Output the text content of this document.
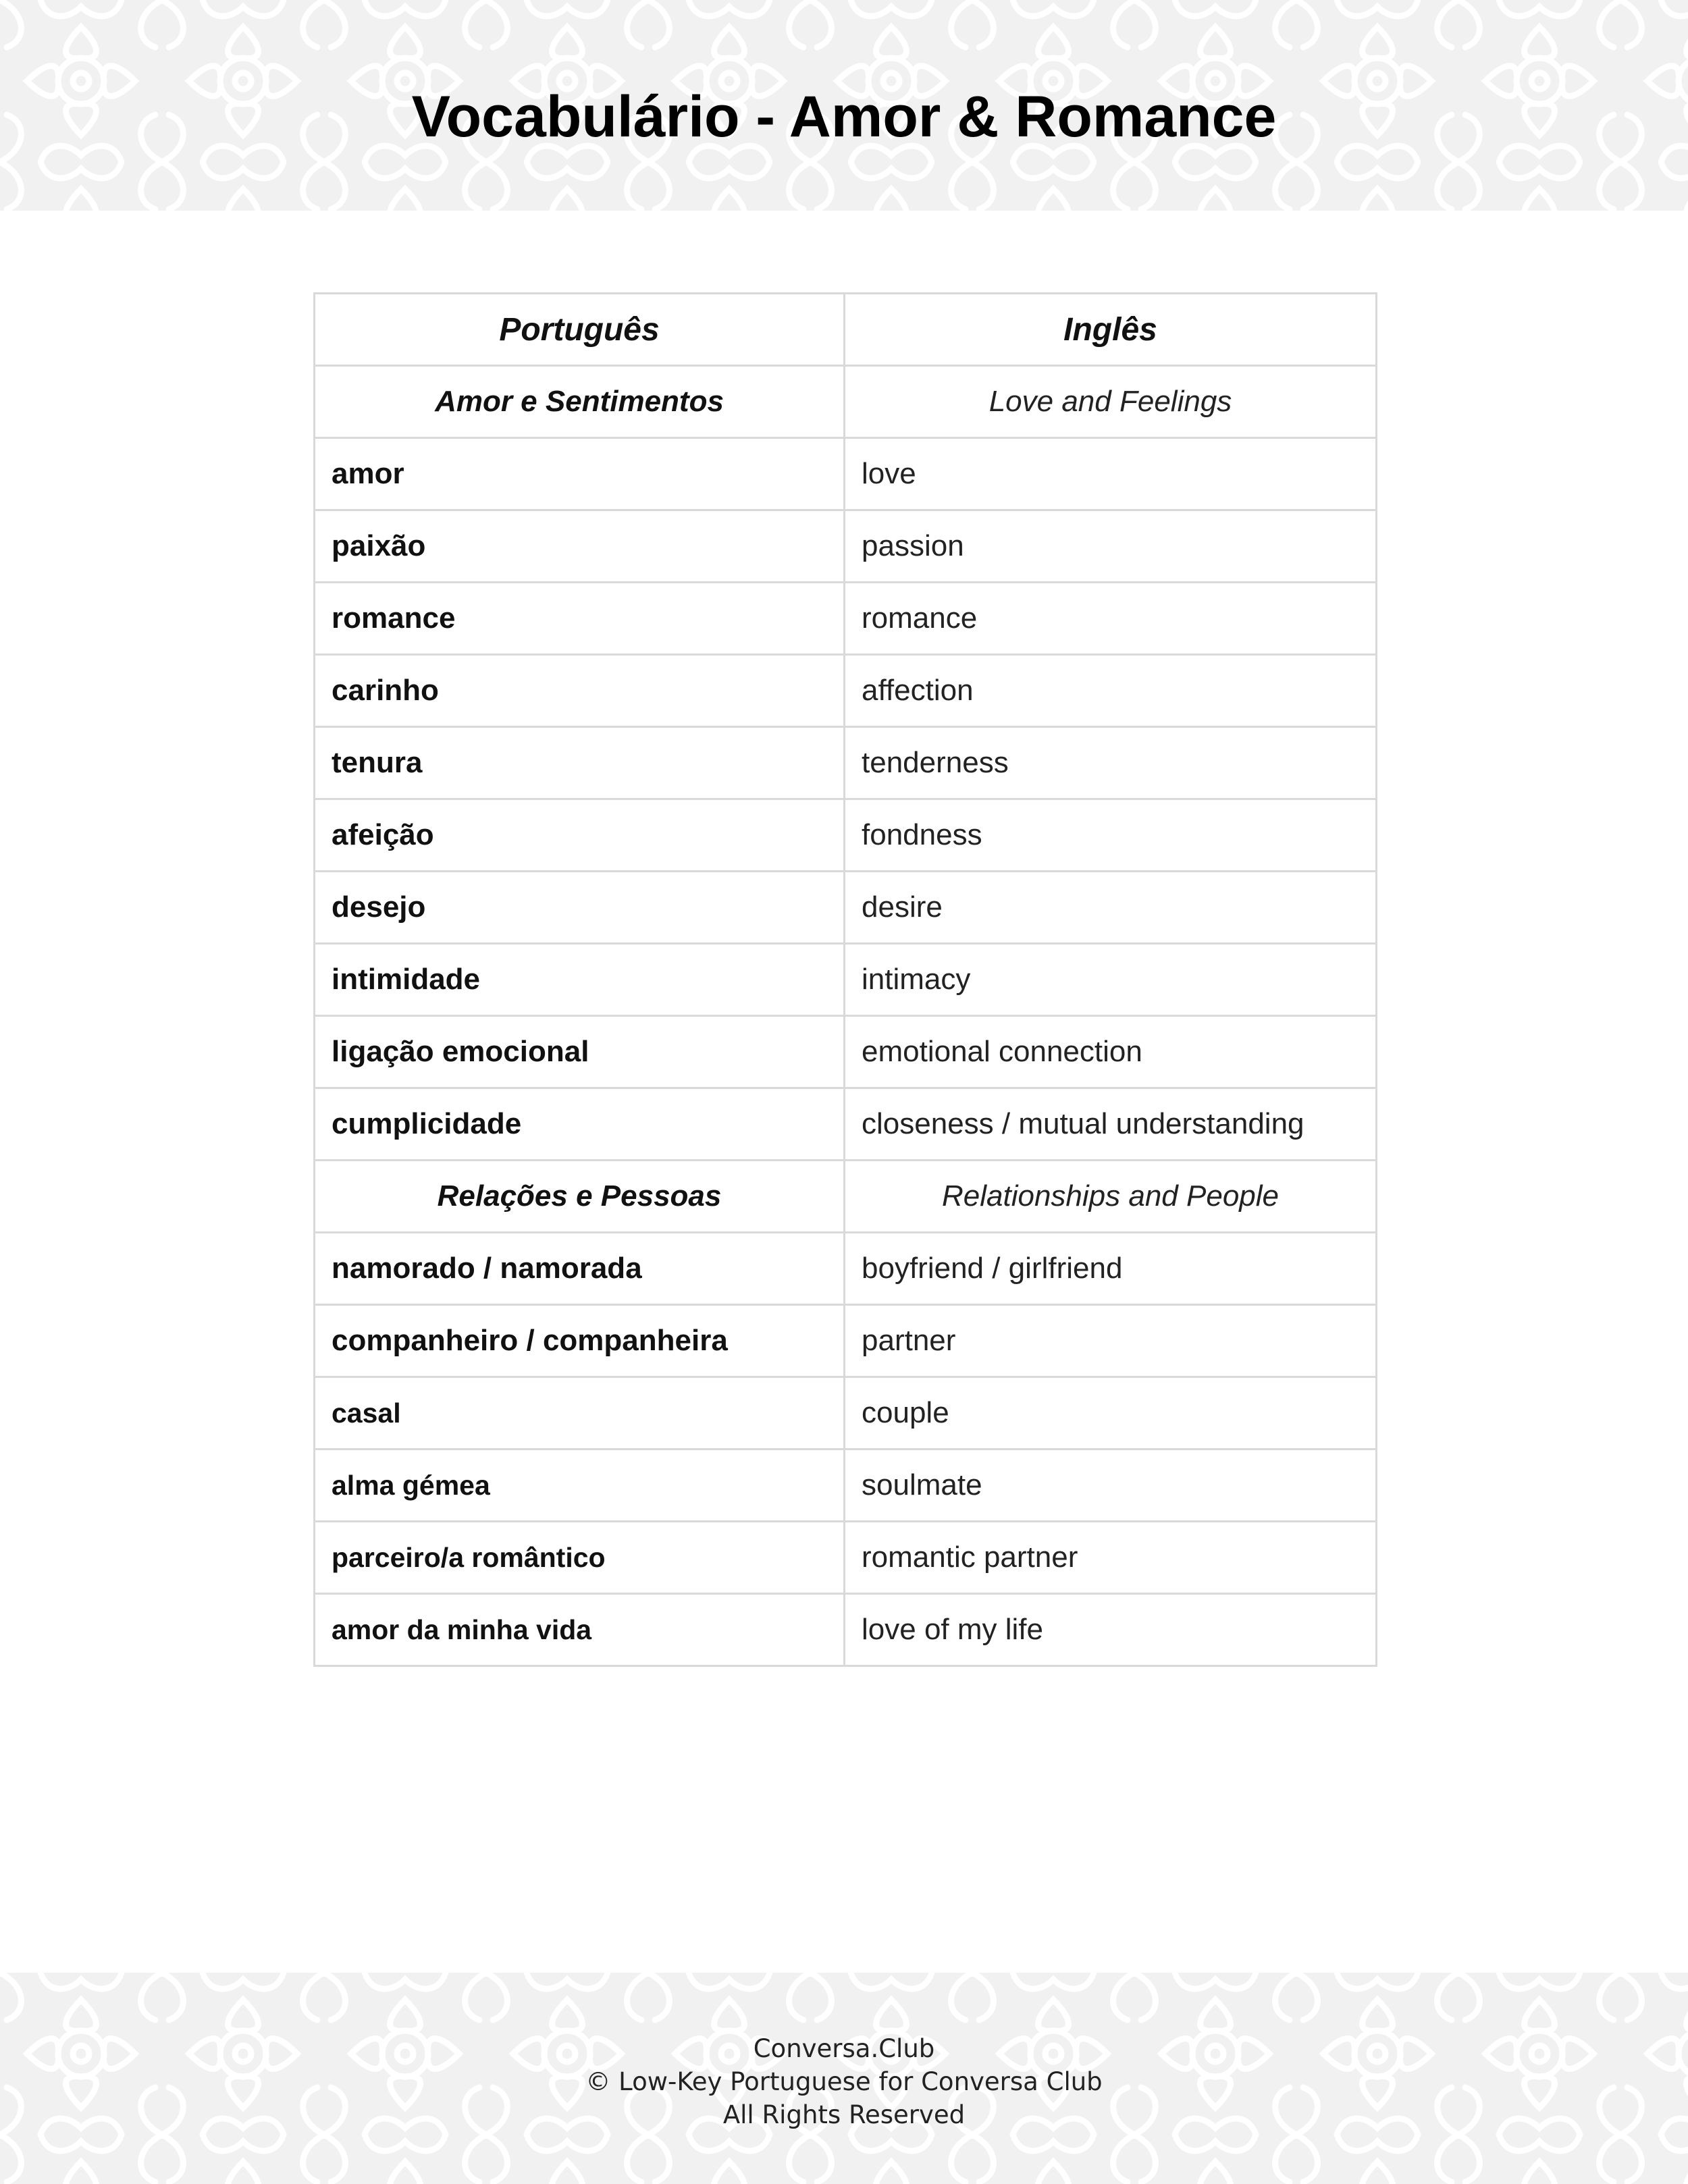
Vocabulário - Amor & Romance
Português	Inglês
Amor e Sentimentos	Love and Feelings
amor	love
paixão	passion
romance	romance
carinho	affection
tenura	tenderness
afeição	fondness
desejo	desire
intimidade	intimacy
ligação emocional	emotional connection
cumplicidade	closeness / mutual understanding
Relações e Pessoas	Relationships and People
namorado / namorada	boyfriend / girlfriend
companheiro / companheira	partner
casal	couple
alma gémea	soulmate
parceiro/a romântico	romantic partner
amor da minha vida	love of my life
Conversa.Club
© Low-Key Portuguese for Conversa Club
All Rights Reserved
